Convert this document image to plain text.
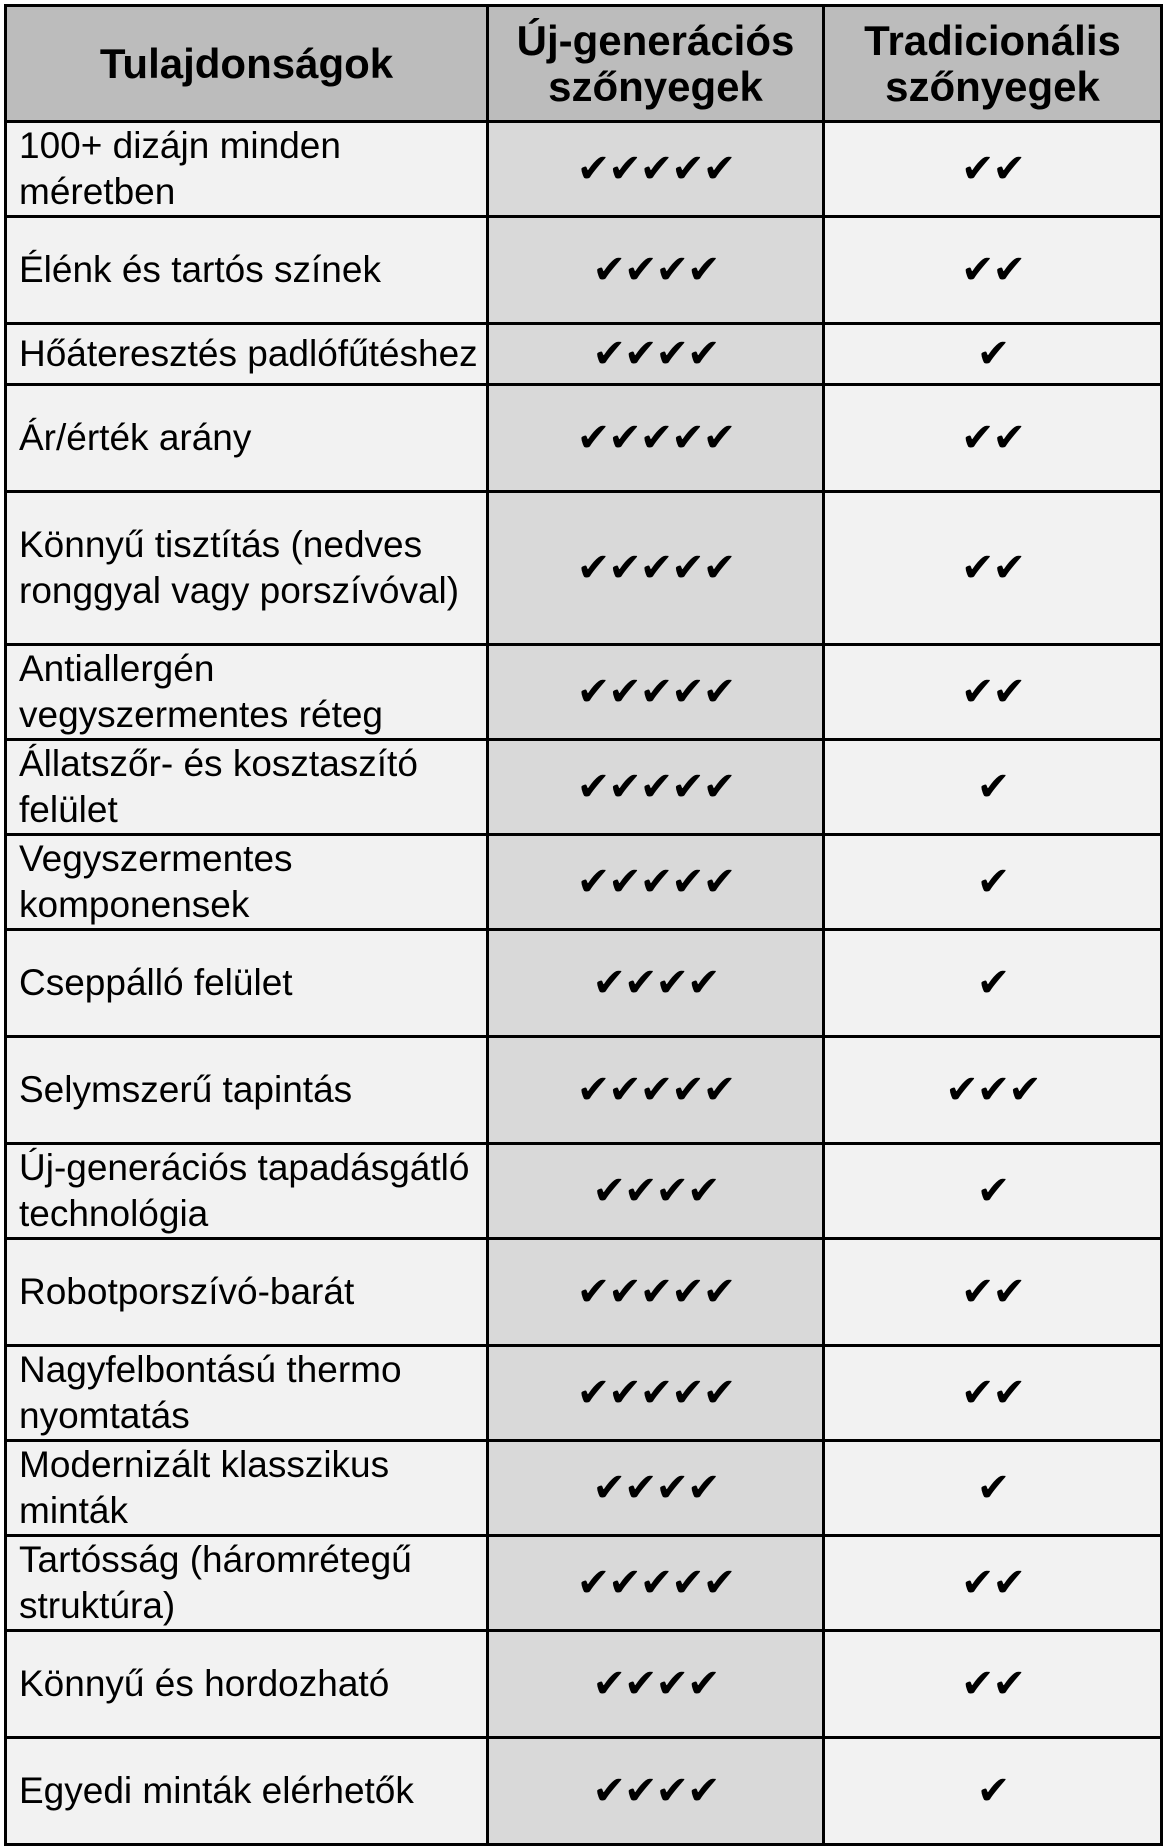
Tulajdonságok	Új-generációs szőnyegek	Tradicionális szőnyegek
100+ dizájn minden méretben	✔✔✔✔✔	✔✔
Élénk és tartós színek	✔✔✔✔	✔✔
Hőáteresztés padlófűtéshez	✔✔✔✔	✔
Ár/érték arány	✔✔✔✔✔	✔✔
Könnyű tisztítás (nedves ronggyal vagy porszívóval)	✔✔✔✔✔	✔✔
Antiallergén vegyszermentes réteg	✔✔✔✔✔	✔✔
Állatszőr- és kosztaszító felület	✔✔✔✔✔	✔
Vegyszermentes komponensek	✔✔✔✔✔	✔
Cseppálló felület	✔✔✔✔	✔
Selymszerű tapintás	✔✔✔✔✔	✔✔✔
Új-generációs tapadásgátló technológia	✔✔✔✔	✔
Robotporszívó-barát	✔✔✔✔✔	✔✔
Nagyfelbontású thermo nyomtatás	✔✔✔✔✔	✔✔
Modernizált klasszikus minták	✔✔✔✔	✔
Tartósság (háromrétegű struktúra)	✔✔✔✔✔	✔✔
Könnyű és hordozható	✔✔✔✔	✔✔
Egyedi minták elérhetők	✔✔✔✔	✔
